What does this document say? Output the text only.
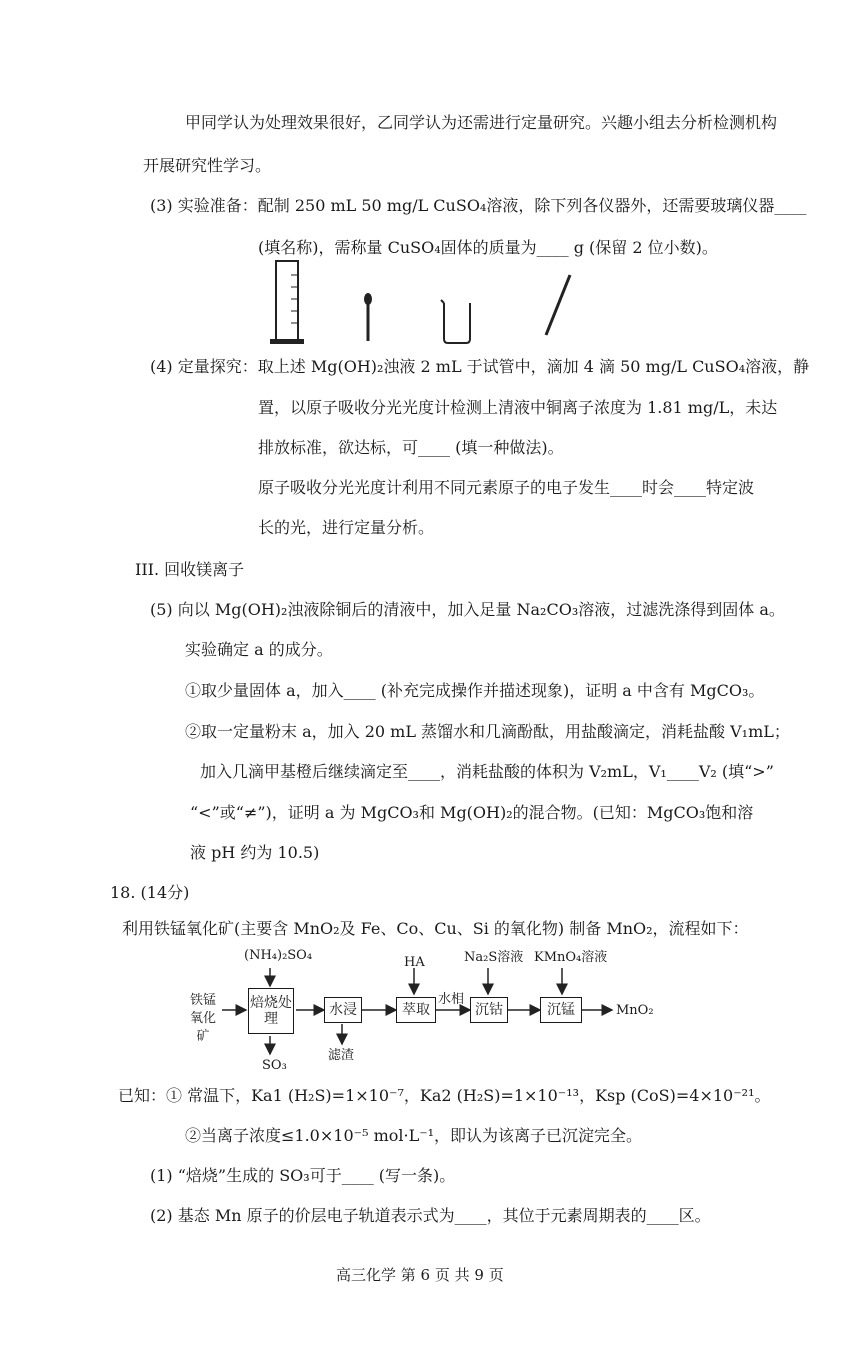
甲同学认为处理效果很好，乙同学认为还需进行定量研究。兴趣小组去分析检测机构
开展研究性学习。
(3) 实验准备：配制 250 mL 50 mg/L CuSO₄溶液，除下列各仪器外，还需要玻璃仪器____
(填名称)，需称量 CuSO₄固体的质量为____ g (保留 2 位小数)。
(4) 定量探究：取上述 Mg(OH)₂浊液 2 mL 于试管中，滴加 4 滴 50 mg/L CuSO₄溶液，静
置，以原子吸收分光光度计检测上清液中铜离子浓度为 1.81 mg/L，未达
排放标准，欲达标，可____ (填一种做法)。
原子吸收分光光度计利用不同元素原子的电子发生____时会____特定波
长的光，进行定量分析。
III. 回收镁离子
(5) 向以 Mg(OH)₂浊液除铜后的清液中，加入足量 Na₂CO₃溶液，过滤洗涤得到固体 a。
实验确定 a 的成分。
①取少量固体 a，加入____ (补充完成操作并描述现象)，证明 a 中含有 MgCO₃。
②取一定量粉末 a，加入 20 mL 蒸馏水和几滴酚酞，用盐酸滴定，消耗盐酸 V₁mL；
加入几滴甲基橙后继续滴定至____，消耗盐酸的体积为 V₂mL，V₁____V₂ (填“>”
“<”或“≠”)，证明 a 为 MgCO₃和 Mg(OH)₂的混合物。(已知：MgCO₃饱和溶
液 pH 约为 10.5)
18. (14分)
利用铁锰氧化矿(主要含 MnO₂及 Fe、Co、Cu、Si 的氧化物) 制备 MnO₂，流程如下：
铁锰氧化矿
(NH₄)₂SO₄
焙烧处理
SO₃
水浸
滤渣
HA
萃取
水相
Na₂S溶液
沉钴
KMnO₄溶液
沉锰	MnO₂
已知：① 常温下，Ka1 (H₂S)=1×10⁻⁷，Ka2 (H₂S)=1×10⁻¹³，Ksp (CoS)=4×10⁻²¹。
②当离子浓度≤1.0×10⁻⁵ mol·L⁻¹，即认为该离子已沉淀完全。
(1) “焙烧”生成的 SO₃可于____ (写一条)。
(2) 基态 Mn 原子的价层电子轨道表示式为____，其位于元素周期表的____区。
高三化学 第 6 页 共 9 页
